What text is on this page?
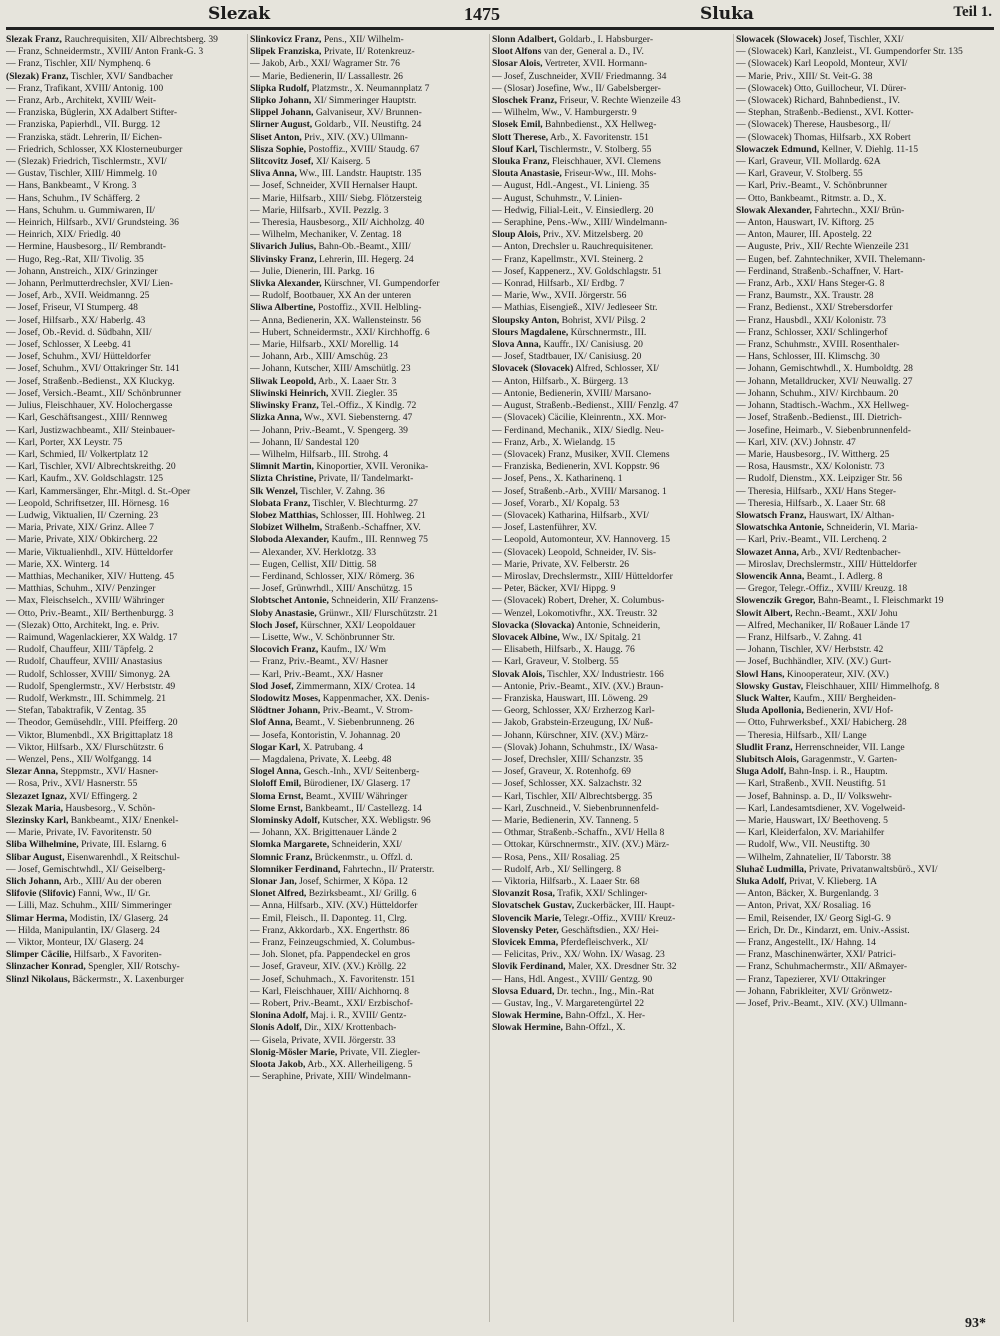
Slezak	1475	Sluka	Teil 1.
Slezak Franz, Rauchrequisiten, XII/ Albrechtsberg. 39
— Franz, Schneidermstr., XVIII/ Anton Frank-G. 3
— Franz, Tischler, XII/ Nymphenq. 6
(Slezak) Franz, Tischler, XVI/ Sandbacher
— Franz, Trafikant, XVIII/ Antonig. 100
— Franz, Arb., Architekt, XVIII/ Weit-
— Franziska, Büglerin, XX Adalbert Stifter-
— Franziska, Papierhdl., VII. Burgg. 12
— Franziska, städt. Lehrerin, II/ Eichen-
— Friedrich, Schlosser, XX Klosterneuburger
— (Slezak) Friedrich, Tischlermstr., XVI/
— Gustav, Tischler, XIII/ Himmelg. 10
— Hans, Bankbeamt., V Krong. 3
— Hans, Schuhm., IV Schäfferg. 2
— Hans, Schuhm. u. Gummiwaren, II/
— Heinrich, Hilfsarb., XVI/ Grundsteing. 36
— Heinrich, XIX/ Friedlg. 40
— Hermine, Hausbesorg., II/ Rembrandt-
— Hugo, Reg.-Rat, XII/ Tivolig. 35
— Johann, Anstreich., XIX/ Grinzinger
— Johann, Perlmutterdrechsler, XVI/ Lien-
— Josef, Arb., XVII. Weidmanng. 25
— Josef, Friseur, VI Stumperg. 48
— Josef, Hilfsarb., XX/ Haberlg. 43
— Josef, Ob.-Revid. d. Südbahn, XII/
— Josef, Schlosser, X Leebg. 41
— Josef, Schuhm., XVI/ Hütteldorfer
— Josef, Schuhm., XVI/ Ottakringer Str. 141
— Josef, Straßenb.-Bedienst., XX Kluckyg.
— Josef, Versich.-Beamt., XII/ Schönbrunner
— Julius, Fleischhauer, XV. Holochergasse
— Karl, Geschäftsangest., XIII/ Rennweg
— Karl, Justizwachbeamt., XII/ Steinbauer-
— Karl, Porter, XX Leystr. 75
— Karl, Schmied, II/ Volkertplatz 12
— Karl, Tischler, XVI/ Albrechtskreithg. 20
— Karl, Kaufm., XV. Goldschlagstr. 125
— Karl, Kammersänger, Ehr.-Mitgl. d. St.-Oper
— Leopold, Schriftsetzer, III. Hörnesg. 16
— Ludwig, Viktualien, II/ Czerning. 23
— Maria, Private, XIX/ Grinz. Allee 7
— Marie, Private, XIX/ Obkircherg. 22
— Marie, Viktualienhdl., XIV. Hütteldorfer
— Marie, XX. Winterg. 14
— Matthias, Mechaniker, XIV/ Hutteng. 45
— Matthias, Schuhm., XIV/ Penzinger
— Max, Fleischselch., XVIII/ Währinger
— Otto, Priv.-Beamt., XII/ Berthenburgg. 3
— (Slezak) Otto, Architekt, Ing. e. Priv.
— Raimund, Wagenlackierer, XX Waldg. 17
— Rudolf, Chauffeur, XIII/ Täpfelg. 2
— Rudolf, Chauffeur, XVIII/ Anastasius
— Rudolf, Schlosser, XVIII/ Simonyg. 2A
— Rudolf, Spenglermstr., XV/ Herbststr. 49
— Rudolf, Werkmstr., III. Schimmelg. 21
— Stefan, Tabaktrafik, V Zentag. 35
— Theodor, Gemüsehdlr., VIII. Pfeifferg. 20
— Viktor, Blumenbdl., XX Brigittaplatz 18
— Viktor, Hilfsarb., XX/ Flurschützstr. 6
— Wenzel, Pens., XII/ Wolfgangg. 14
Slezar Anna, Steppmstr., XVI/ Hasner-
— Rosa, Priv., XVI/ Hasnerstr. 55
Slezazet Ignaz, XVI/ Effingerg. 2
Slezak Maria, Hausbesorg., V. Schön-
Slezinsky Karl, Bankbeamt., XIX/ Enenkel-
— Marie, Private, IV. Favoritenstr. 50
Sliba Wilhelmine, Private, III. Eslarng. 6
Slibar August, Eisenwarenhdl., X Reitschul-
— Josef, Gemischtwhdl., XI/ Geiselberg-
Slich Johann, Arb., XIII/ Au der oberen
Slifovie (Slifovic) Fanni, Ww., II/ Gr.
— Lilli, Maz. Schuhm., XIII/ Simmeringer
Slimar Herma, Modistin, IX/ Glaserg. 24
— Hilda, Manipulantin, IX/ Glaserg. 24
— Viktor, Monteur, IX/ Glaserg. 24
Slimper Cäcilie, Hilfsarb., X Favoriten-
Slinzacher Konrad, Spengler, XII/ Rotschy-
Slinzl Nikolaus, Bäckermstr., X. Laxenburger
Slinkovicz Franz, Pens., XII/ Wilhelm-
Slipek Franziska, Private, II/ Rotenkreuz-
— Jakob, Arb., XXI/ Wagramer Str. 76
— Marie, Bedienerin, II/ Lassallestr. 26
Slipka Rudolf, Platzmstr., X. Neumannplatz 7
Slipko Johann, XI/ Simmeringer Hauptstr.
Slippel Johann, Galvaniseur, XV/ Brunnen-
Slirner August, Goldarb., VII. Neustiftg. 24
Sliset Anton, Priv., XIV. (XV.) Ullmann-
Slisza Sophie, Postoffiz., XVIII/ Staudg. 67
Slitcovitz Josef, XI/ Kaiserg. 5
Sliva Anna, Ww., III. Landstr. Hauptstr. 135
— Josef, Schneider, XVII Hernalser Haupt.
— Marie, Hilfsarb., XIII/ Siebg. Flötzersteig
— Marie, Hilfsarb., XVII. Pezzlg. 3
— Theresia, Hausbesorg., XII/ Aichholzg. 40
— Wilhelm, Mechaniker, V. Zentag. 18
Slivarich Julius, Bahn-Ob.-Beamt., XIII/
Slivinsky Franz, Lehrerin, III. Hegerg. 24
— Julie, Dienerin, III. Parkg. 16
Slivka Alexander, Kürschner, VI. Gumpendorfer
— Rudolf, Bootbauer, XX An der unteren
Sliwa Albertine, Postoffiz., XVII. Helbling-
— Anna, Bedienerin, XX. Wallensteinstr. 56
— Hubert, Schneidermstr., XXI/ Kirchhoffg. 6
— Marie, Hilfsarb., XXI/ Morellig. 14
— Johann, Arb., XIII/ Amschüg. 23
— Johann, Kutscher, XIII/ Amschütlg. 23
Sliwak Leopold, Arb., X. Laaer Str. 3
Sliwinski Heinrich, XVII. Ziegler. 35
Sliwinsky Franz, Tel.-Offiz., X Kindlg. 72
Slizka Anna, Ww., XVI. Siebensterng. 47
— Johann, Priv.-Beamt., V. Spengerg. 39
— Johann, II/ Sandestal 120
— Wilhelm, Hilfsarb., III. Strohg. 4
Slimnit Martin, Kinoportier, XVII. Veronika-
Slizta Christine, Private, II/ Tandelmarkt-
Slk Wenzel, Tischler, V. Zahng. 36
Slobata Franz, Tischler, V. Blechturmg. 27
Slobez Matthias, Schlosser, III. Hohlweg. 21
Slobizet Wilhelm, Straßenb.-Schaffner, XV.
Sloboda Alexander, Kaufm., III. Rennweg 75
— Alexander, XV. Herklotzg. 33
— Eugen, Cellist, XII/ Dittig. 58
— Ferdinand, Schlosser, XIX/ Römerg. 36
— Josef, Grünwrhdl., XIII/ Anschützg. 15
Slobtschet Antonie, Schneiderin, XII/ Franzens-
Sloby Anastasie, Grünwr., XII/ Flurschützstr. 21
Sloch Josef, Kürschner, XXI/ Leopoldauer
— Lisette, Ww., V. Schönbrunner Str.
Slocovich Franz, Kaufm., IX/ Wm
— Franz, Priv.-Beamt., XV/ Hasner
— Karl, Priv.-Beamt., XX/ Hasner
Slod Josef, Zimmermann, XIX/ Crotea. 14
Slodowitz Moses, Kappenmacher, XX. Denis-
Slödtner Johann, Priv.-Beamt., V. Strom-
Slof Anna, Beamt., V. Siebenbrunneng. 26
— Josefa, Kontoristin, V. Johannag. 20
Slogar Karl, X. Patrubang. 4
— Magdalena, Private, X. Leebg. 48
Slogel Anna, Gesch.-Inh., XVI/ Seitenberg-
Sloloff Emil, Bürodiener, IX/ Glaserg. 17
Sloma Ernst, Beamt., XVIII/ Währinger
Slome Ernst, Bankbeamt., II/ Castellezg. 14
Slominsky Adolf, Kutscher, XX. Webligstr. 96
— Johann, XX. Brigittenauer Lände 2
Slomka Margarete, Schneiderin, XXI/
Slomnic Franz, Brückenmstr., u. Offzl. d.
Slomniker Ferdinand, Fahrtechn., II/ Praterstr.
Slonar Jan, Josef, Schirmer, X Köpa. 12
Slonet Alfred, Bezirksbeamt., XI/ Grillg. 6
— Anna, Hilfsarb., XIV. (XV.) Hütteldorfer
— Emil, Fleisch., II. Daponteg. 11, Clrg.
— Franz, Akkordarb., XX. Engerthstr. 86
— Franz, Feinzeugschmied, X. Columbus-
— Joh. Slonet, pfa. Pappendeckel en gros
— Josef, Graveur, XIV. (XV.) Kröllg. 22
— Josef, Schuhmach., X. Favoritenstr. 151
— Karl, Fleischhauer, XIII/ Aichhornq. 8
— Robert, Priv.-Beamt., XXI/ Erzbischof-
Slonina Adolf, Maj. i. R., XVIII/ Gentz-
Slonis Adolf, Dir., XIX/ Krottenbach-
— Gisela, Private, XVII. Jörgerstr. 33
Slonig-Mösler Marie, Private, VII. Ziegler-
Sloota Jakob, Arb., XX. Allerheiligeng. 5
— Seraphine, Private, XIII/ Windelmann-
Slonn Adalbert, Goldarb., I. Habsburger-
Sloot Alfons van der, General a. D., IV.
Slosar Alois, Vertreter, XVII. Hormann-
— Josef, Zuschneider, XVII/ Friedmanng. 34
— (Slosar) Josefine, Ww., II/ Gabelsberger-
Sloschek Franz, Friseur, V. Rechte Wienzeile 43
— Wilhelm, Ww., V. Hamburgerstr. 9
Slosek Emil, Bahnbedienst., XX Hellweg-
Slott Therese, Arb., X. Favoritenstr. 151
Slouf Karl, Tischlermstr., V. Stolberg. 55
Slouka Franz, Fleischhauer, XVI. Clemens
Slouta Anastasie, Friseur-Ww., III. Mohs-
— August, Hdl.-Angest., VI. Linieng. 35
— August, Schuhmstr., V. Linien-
— Hedwig, Filial-Leit., V. Einsiedlerg. 20
— Seraphine, Pens.-Ww., XIII/ Windelmann-
Sloup Alois, Priv., XV. Mitzelsberg. 20
— Anton, Drechsler u. Rauchrequisitener.
— Franz, Kapellmstr., XVI. Steinerg. 2
— Josef, Kappenerz., XV. Goldschlagstr. 51
— Konrad, Hilfsarb., XI/ Erdbg. 7
— Marie, Ww., XVII. Jörgerstr. 56
— Mathias, Eisengieß., XIV/ Jedleseer Str.
Sloupsky Anton, Bohrist, XVI/ Pilsg. 2
Slours Magdalene, Kürschnermstr., III.
Slova Anna, Kauffr., IX/ Canisiusg. 20
— Josef, Stadtbauer, IX/ Canisiusg. 20
Slovacek (Slovacek) Alfred, Schlosser, XI/
— Anton, Hilfsarb., X. Bürgerg. 13
— Antonie, Bedienerin, XVIII/ Marsano-
— August, Straßenb.-Bedienst., XIII/ Fenzlg. 47
— (Slovacek) Cäcilie, Kleinrentn., XX. Mor-
— Ferdinand, Mechanik., XIX/ Siedlg. Neu-
— Franz, Arb., X. Wielandg. 15
— (Slovacek) Franz, Musiker, XVII. Clemens
— Franziska, Bedienerin, XVI. Koppstr. 96
— Josef, Pens., X. Katharinenq. 1
— Josef, Straßenb.-Arb., XVIII/ Marsanog. 1
— Josef, Vorarb., XI/ Kopalg. 53
— (Slovacek) Katharina, Hilfsarb., XVI/
— Josef, Lastenführer, XV.
— Leopold, Automonteur, XV. Hannoverg. 15
— (Slovacek) Leopold, Schneider, IV. Sis-
— Marie, Private, XV. Felberstr. 26
— Miroslav, Drechslermstr., XIII/ Hütteldorfer
— Peter, Bäcker, XVI/ Hippg. 9
— (Slovacek) Robert, Dreher, X. Columbus-
— Wenzel, Lokomotivfhr., XX. Treustr. 32
Slovacka (Slovacka) Antonie, Schneiderin,
Slovacek Albine, Ww., IX/ Spitalg. 21
— Elisabeth, Hilfsarb., X. Haugg. 76
— Karl, Graveur, V. Stolberg. 55
Slovak Alois, Tischler, XX/ Industriestr. 166
— Antonie, Priv.-Beamt., XIV. (XV.) Braun-
— Franziska, Hauswart, III. Löweng. 29
— Georg, Schlosser, XX/ Erzherzog Karl-
— Jakob, Grabstein-Erzeugung, IX/ Nuß-
— Johann, Kürschner, XIV. (XV.) März-
— (Slovak) Johann, Schuhmstr., IX/ Wasa-
— Josef, Drechsler, XIII/ Schanzstr. 35
— Josef, Graveur, X. Rotenhofg. 69
— Josef, Schlosser, XX. Salzachstr. 32
— Karl, Tischler, XII/ Albrechtsbergg. 35
— Karl, Zuschneid., V. Siebenbrunnenfeld-
— Marie, Bedienerin, XV. Tanneng. 5
— Othmar, Straßenb.-Schaffn., XVI/ Hella 8
— Ottokar, Kürschnermstr., XIV. (XV.) März-
— Rosa, Pens., XII/ Rosaliag. 25
— Rudolf, Arb., XI/ Sellingerg. 8
— Viktoria, Hilfsarb., X. Laaer Str. 68
Slovanzit Rosa, Trafik, XXI/ Schlinger-
Slovatschek Gustav, Zuckerbäcker, III. Haupt-
Slovencik Marie, Telegr.-Offiz., XVIII/ Kreuz-
Slovensky Peter, Geschäftsdien., XX/ Hei-
Slovicek Emma, Pferdefleischverk., XI/
— Felicitas, Priv., XX/ Wohn. IX/ Wasag. 23
Slovik Ferdinand, Maler, XX. Dresdner Str. 32
— Hans, Hdl. Angest., XVIII/ Gentzg. 90
Slovsa Eduard, Dr. techn., Ing., Min.-Rat
— Gustav, Ing., V. Margaretengürtel 22
Slowak Hermine, Bahn-Offzl., X. Her-
Slowak Hermine, Bahn-Offzl., X.
Slowacek (Slowacek) Josef, Tischler, XXI/
— (Slowacek) Karl, Kanzleist., VI. Gumpendorfer Str. 135
— (Slowacek) Karl Leopold, Monteur, XVI/
— Marie, Priv., XIII/ St. Veit-G. 38
— (Slowacek) Otto, Guillocheur, VI. Dürer-
— (Slowacek) Richard, Bahnbedienst., IV.
— Stephan, Straßenb.-Bedienst., XVI. Kotter-
— (Slowacek) Therese, Hausbesorg., II/
— (Slowacek) Thomas, Hilfsarb., XX Robert
Slowaczek Edmund, Kellner, V. Diehlg. 11-15
— Karl, Graveur, VII. Mollardg. 62A
— Karl, Graveur, V. Stolberg. 55
— Karl, Priv.-Beamt., V. Schönbrunner
— Otto, Bankbeamt., Ritmstr. a. D., X.
Slowak Alexander, Fahrtechn., XXI/ Brün-
— Anton, Hauswart, IV. Kiftorg. 25
— Anton, Maurer, III. Apostelg. 22
— Auguste, Priv., XII/ Rechte Wienzeile 231
— Eugen, bef. Zahntechniker, XVII. Thelemann-
— Ferdinand, Straßenb.-Schaffner, V. Hart-
— Franz, Arb., XXI/ Hans Steger-G. 8
— Franz, Baumstr., XX. Traustr. 28
— Franz, Bedienst., XXI/ Strebersdorfer
— Franz, Hausbdl., XXI/ Kolonistr. 73
— Franz, Schlosser, XXI/ Schlingerhof
— Franz, Schuhmstr., XVIII. Rosenthaler-
— Hans, Schlosser, III. Klimschg. 30
— Johann, Gemischtwhdl., X. Humboldtg. 28
— Johann, Metalldrucker, XVI/ Neuwallg. 27
— Johann, Schuhm., XIV/ Kirchbaum. 20
— Johann, Stadtisch.-Wachm., XX Hellweg-
— Josef, Straßenb.-Bedienst., III. Dietrich-
— Josefine, Heimarb., V. Siebenbrunnenfeld-
— Karl, XIV. (XV.) Johnstr. 47
— Marie, Hausbesorg., IV. Wittherg. 25
— Rosa, Hausmstr., XX/ Kolonistr. 73
— Rudolf, Dienstm., XX. Leipziger Str. 56
— Theresia, Hilfsarb., XXI/ Hans Steger-
— Theresia, Hilfsarb., X. Laaer Str. 68
Slowatsch Franz, Hauswart, IX/ Althan-
Slowatschka Antonie, Schneiderin, VI. Maria-
— Karl, Priv.-Beamt., VII. Lerchenq. 2
Slowazet Anna, Arb., XVI/ Redtenbacher-
— Miroslav, Drechslermstr., XIII/ Hütteldorfer
Slowencik Anna, Beamt., I. Adlerg. 8
— Gregor, Telegr.-Offiz., XVIII/ Kreuzg. 18
Slowenczik Gregor, Bahn-Beamt., I. Fleischmarkt 19
Slowit Albert, Rechn.-Beamt., XXI/ Johu
— Alfred, Mechaniker, II/ Roßauer Lände 17
— Franz, Hilfsarb., V. Zahng. 41
— Johann, Tischler, XV/ Herbststr. 42
— Josef, Buchhändler, XIV. (XV.) Gurt-
Slowl Hans, Kinooperateur, XIV. (XV.)
Slowsky Gustav, Fleischhauer, XIII/ Himmelhofg. 8
Sluck Walter, Kaufm., XIII/ Bergheiden-
Sluda Apollonia, Bedienerin, XVI/ Hof-
— Otto, Fuhrwerksbef., XXI/ Habicherg. 28
— Theresia, Hilfsarb., XII/ Lange
Sludlit Franz, Herrenschneider, VII. Lange
Slubitsch Alois, Garagenmstr., V. Garten-
Sluga Adolf, Bahn-Insp. i. R., Hauptm.
— Karl, Straßenb., XVII. Neustiftg. 51
— Josef, Bahninsp. a. D., II/ Volkswehr-
— Karl, Landesamtsdiener, XV. Vogelweid-
— Marie, Hauswart, IX/ Beethoveng. 5
— Karl, Kleiderfalon, XV. Mariahilfer
— Rudolf, Ww., VII. Neustiftg. 30
— Wilhelm, Zahnatelier, II/ Taborstr. 38
Sluhač Ludmilla, Private, Privatanwaltsbürö., XVI/
Sluka Adolf, Privat, V. Klieberg. 1A
— Anton, Bäcker, X. Burgenlandg. 3
— Anton, Privat, XX/ Rosaliag. 16
— Emil, Reisender, IX/ Georg Sigl-G. 9
— Erich, Dr. Dr., Kindarzt, em. Univ.-Assist.
— Franz, Angestellt., IX/ Hahng. 14
— Franz, Maschinenwärter, XXI/ Patrici-
— Franz, Schuhmachermstr., XII/ Aßmayer-
— Franz, Tapezierer, XVI/ Ottakringer
— Johann, Fabrikleiter, XVI/ Grönwetz-
— Josef, Priv.-Beamt., XIV. (XV.) Ullmann-
93*
